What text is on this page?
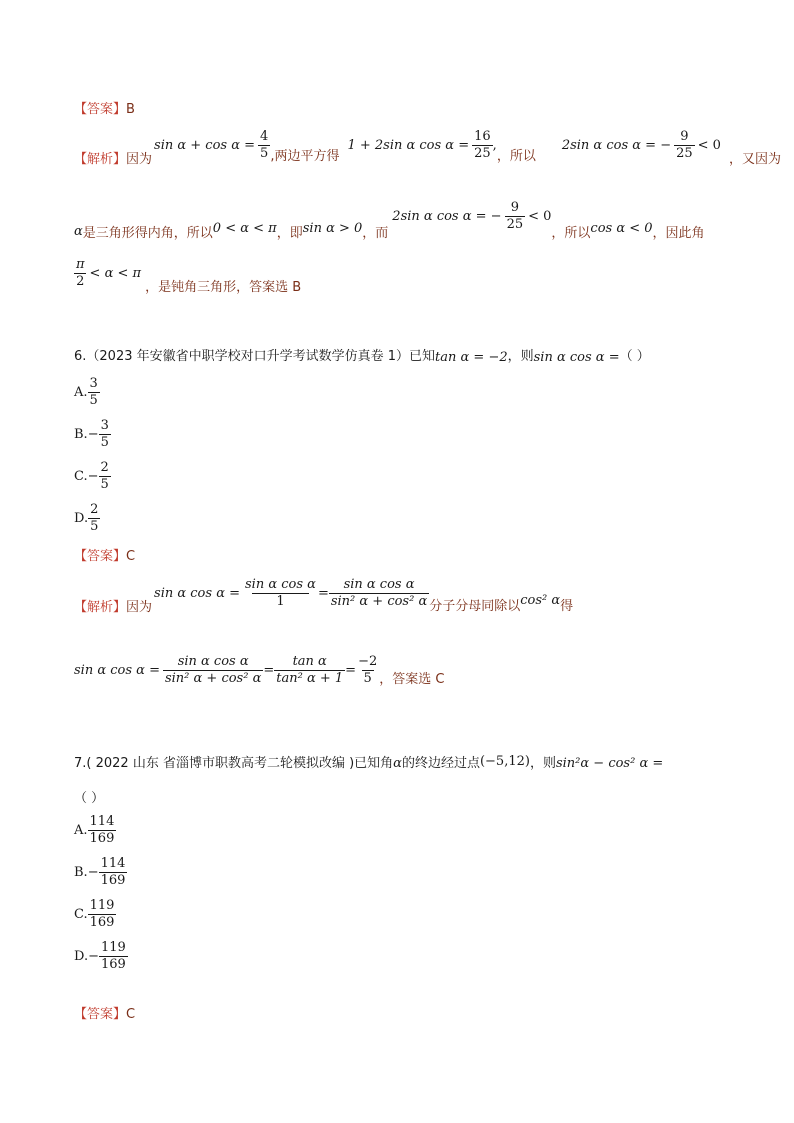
【答案】B
【解析】 因为
$\sin \alpha + \cos \alpha = \frac{4}{5}$ ,两边平方得
1 + 2sin α $\cos \alpha = \frac{16}{25}$ ,
，所以
2sin α cos α = − $\frac{9}{25} < 0$
，又因为
α 是三角形得内角，所以 0 < α < π ，即 sin α > 0 ，而
2sin α cos α = − $\frac{9}{25} < 0$
，所以 cos α < 0 ，因此角
$\frac{\pi}{2} < \alpha < \pi$
，是钝角三角形，答案选 B
6.（2023 年安徽省中职学校对口升学考试数学仿真卷 1）已知 tan α = −2 ，则 sin α cos α = （ ）
A. $\frac{3}{5}$
B. − $\frac{3}{5}$
C. − $\frac{2}{5}$
D. $\frac{2}{5}$
【答案】C
【解析】 因为
sin α $\cos \alpha = \frac{\text{sin α cos α}}{1} = \frac{\text{sin α cos α}}{\text{sin² α + cos² α}}$ 分子分母同除以 cos² α 得
sin α $\cos \alpha = \frac{\text{sin α cos α}}{\text{sin² α + cos² α}} = \frac{\text{tan α}}{\text{tan² α + 1}} = \frac{-2}{5}$ ，答案选 C
7.( 2022 山东 省淄博市职教高考二轮模拟改编 )已知角 α 的终边经过点 (−5,12) ，则 sin²α − cos² α =
（ ）
A. $\frac{114}{169}$
B. − $\frac{114}{169}$
C. $\frac{119}{169}$
D. − $\frac{119}{169}$
【答案】C
